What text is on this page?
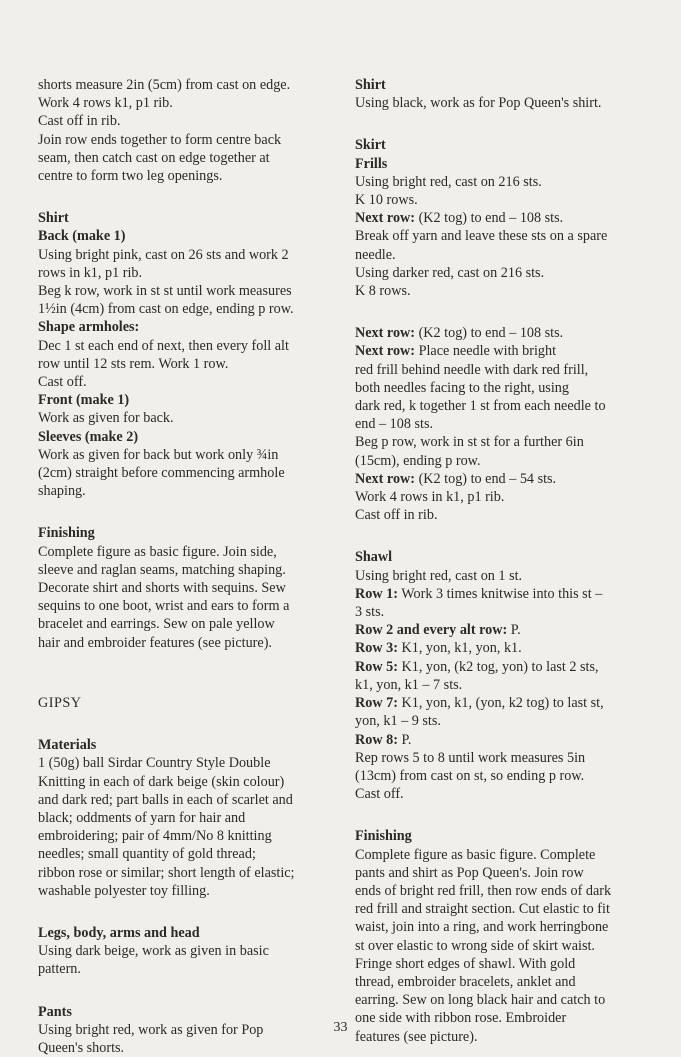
shorts measure 2in (5cm) from cast on edge.

Work 4 rows k1, p1 rib.

Cast off in rib.

Join row ends together to form centre back

seam, then catch cast on edge together at

centre to form two leg openings.

Shirt

Back (make 1)

Using bright pink, cast on 26 sts and work 2

rows in k1, p1 rib.

Beg k row, work in st st until work measures

1½in (4cm) from cast on edge, ending p row.

Shape armholes:

Dec 1 st each end of next, then every foll alt

row until 12 sts rem. Work 1 row.

Cast off.

Front (make 1)

Work as given for back.

Sleeves (make 2)

Work as given for back but work only ¾in

(2cm) straight before commencing armhole

shaping.

Finishing

Complete figure as basic figure. Join side,

sleeve and raglan seams, matching shaping.

Decorate shirt and shorts with sequins. Sew

sequins to one boot, wrist and ears to form a

bracelet and earrings. Sew on pale yellow

hair and embroider features (see picture).

GIPSY

Materials

1 (50g) ball Sirdar Country Style Double

Knitting in each of dark beige (skin colour)

and dark red; part balls in each of scarlet and

black; oddments of yarn for hair and

embroidering; pair of 4mm/No 8 knitting

needles; small quantity of gold thread;

ribbon rose or similar; short length of elastic;

washable polyester toy filling.

Legs, body, arms and head

Using dark beige, work as given in basic

pattern.

Pants

Using bright red, work as given for Pop

Queen's shorts.

Shirt

Using black, work as for Pop Queen's shirt.

Skirt

Frills

Using bright red, cast on 216 sts.

K 10 rows.

Next row: (K2 tog) to end – 108 sts.

Break off yarn and leave these sts on a spare

needle.

Using darker red, cast on 216 sts.

K 8 rows.

Next row: (K2 tog) to end – 108 sts.

Next row: Place needle with bright

red frill behind needle with dark red frill,

both needles facing to the right, using

dark red, k together 1 st from each needle to

end – 108 sts.

Beg p row, work in st st for a further 6in

(15cm), ending p row.

Next row: (K2 tog) to end – 54 sts.

Work 4 rows in k1, p1 rib.

Cast off in rib.

Shawl

Using bright red, cast on 1 st.

Row 1: Work 3 times knitwise into this st –

3 sts.

Row 2 and every alt row: P.

Row 3: K1, yon, k1, yon, k1.

Row 5: K1, yon, (k2 tog, yon) to last 2 sts,

k1, yon, k1 – 7 sts.

Row 7: K1, yon, k1, (yon, k2 tog) to last st,

yon, k1 – 9 sts.

Row 8: P.

Rep rows 5 to 8 until work measures 5in

(13cm) from cast on st, so ending p row.

Cast off.

Finishing

Complete figure as basic figure. Complete

pants and shirt as Pop Queen's. Join row

ends of bright red frill, then row ends of dark

red frill and straight section. Cut elastic to fit

waist, join into a ring, and work herringbone

st over elastic to wrong side of skirt waist.

Fringe short edges of shawl. With gold

thread, embroider bracelets, anklet and

earring. Sew on long black hair and catch to

one side with ribbon rose. Embroider

features (see picture).

33
